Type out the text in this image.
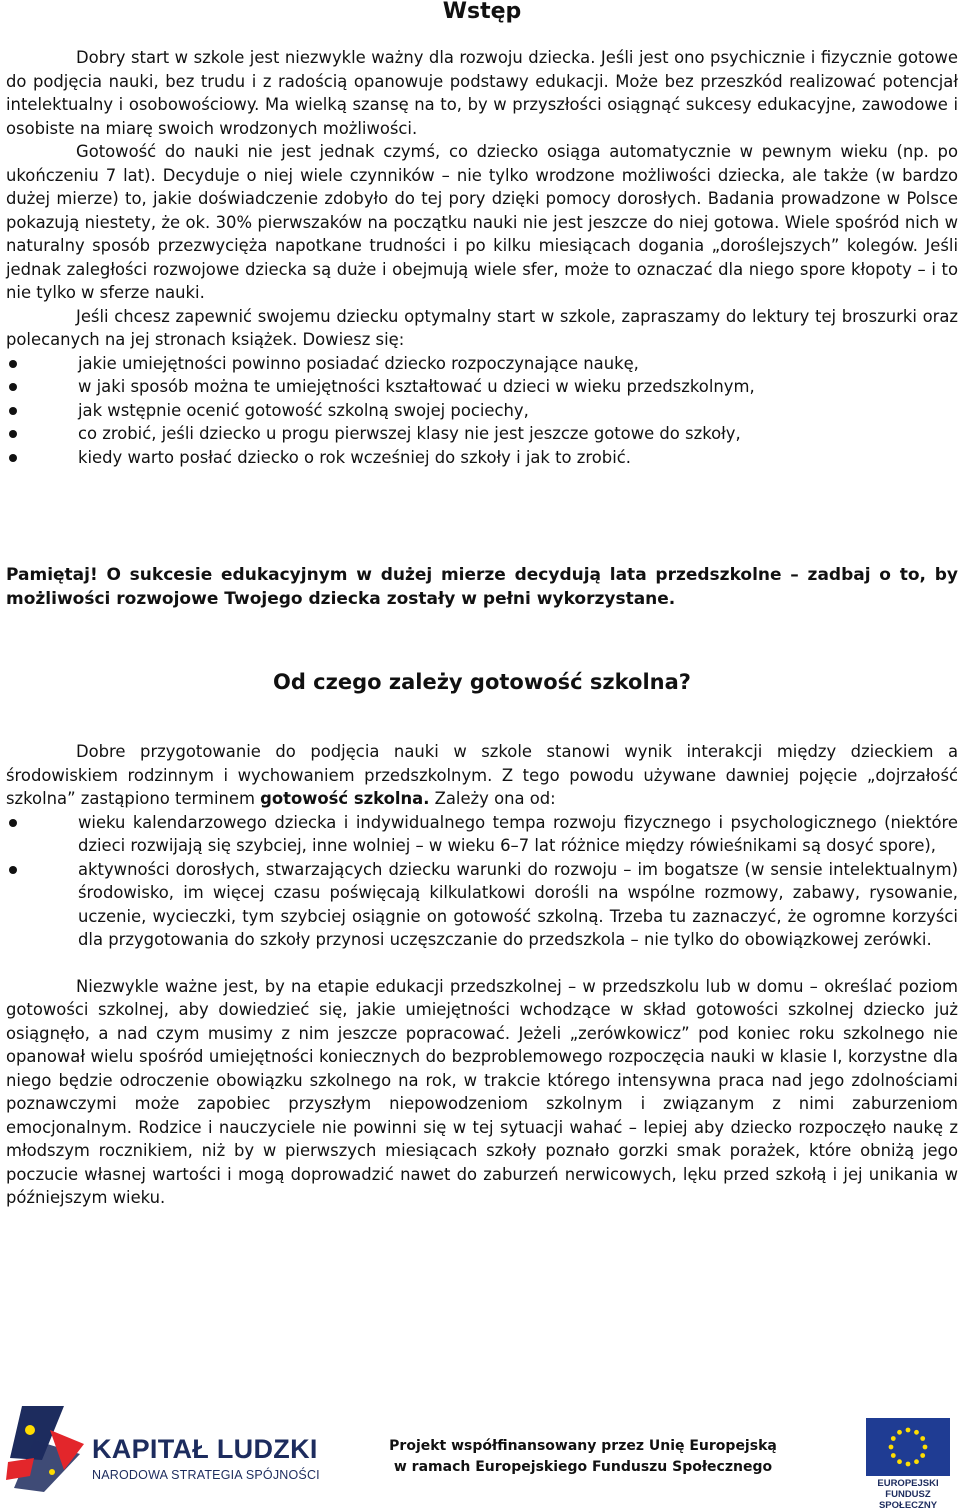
Wstęp

Dobry start w szkole jest niezwykle ważny dla rozwoju dziecka. Jeśli jest ono psychicznie i fizycznie gotowe do podjęcia nauki, bez trudu i z radością opanowuje podstawy edukacji. Może bez przeszkód realizować potencjał intelektualny i osobowościowy. Ma wielką szansę na to, by w przyszłości osiągnąć sukcesy edukacyjne, zawodowe i osobiste na miarę swoich wrodzonych możliwości.

Gotowość do nauki nie jest jednak czymś, co dziecko osiąga automatycznie w pewnym wieku (np. po ukończeniu 7 lat). Decyduje o niej wiele czynników – nie tylko wrodzone możliwości dziecka, ale także (w bardzo dużej mierze) to, jakie doświadczenie zdobyło do tej pory dzięki pomocy dorosłych. Badania prowadzone w Polsce pokazują niestety, że ok. 30% pierwszaków na początku nauki nie jest jeszcze do niej gotowa. Wiele spośród nich w naturalny sposób przezwycięża napotkane trudności i po kilku miesiącach dogania „doroślejszych” kolegów. Jeśli jednak zaległości rozwojowe dziecka są duże i obejmują wiele sfer, może to oznaczać dla niego spore kłopoty – i to nie tylko w sferze nauki.

Jeśli chcesz zapewnić swojemu dziecku optymalny start w szkole, zapraszamy do lektury tej broszurki oraz polecanych na jej stronach książek. Dowiesz się:

jakie umiejętności powinno posiadać dziecko rozpoczynające naukę,
w jaki sposób można te umiejętności kształtować u dzieci w wieku przedszkolnym,
jak wstępnie ocenić gotowość szkolną swojej pociechy,
co zrobić, jeśli dziecko u progu pierwszej klasy nie jest jeszcze gotowe do szkoły,
kiedy warto posłać dziecko o rok wcześniej do szkoły i jak to zrobić.

Pamiętaj! O sukcesie edukacyjnym w dużej mierze decydują lata przedszkolne – zadbaj o to, by możliwości rozwojowe Twojego dziecka zostały w pełni wykorzystane.

Od czego zależy gotowość szkolna?

Dobre przygotowanie do podjęcia nauki w szkole stanowi wynik interakcji między dzieckiem a środowiskiem rodzinnym i wychowaniem przedszkolnym. Z tego powodu używane dawniej pojęcie „dojrzałość szkolna” zastąpiono terminem gotowość szkolna. Zależy ona od:

wieku kalendarzowego dziecka i indywidualnego tempa rozwoju fizycznego i psychologicznego (niektóre dzieci rozwijają się szybciej, inne wolniej – w wieku 6–7 lat różnice między rówieśnikami są dosyć spore),
aktywności dorosłych, stwarzających dziecku warunki do rozwoju – im bogatsze (w sensie intelektualnym) środowisko, im więcej czasu poświęcają kilkulatkowi dorośli na wspólne rozmowy, zabawy, rysowanie, uczenie, wycieczki, tym szybciej osiągnie on gotowość szkolną. Trzeba tu zaznaczyć, że ogromne korzyści dla przygotowania do szkoły przynosi uczęszczanie do przedszkola – nie tylko do obowiązkowej zerówki.

Niezwykle ważne jest, by na etapie edukacji przedszkolnej – w przedszkolu lub w domu – określać poziom gotowości szkolnej, aby dowiedzieć się, jakie umiejętności wchodzące w skład gotowości szkolnej dziecko już osiągnęło, a nad czym musimy z nim jeszcze popracować. Jeżeli „zerówkowicz” pod koniec roku szkolnego nie opanował wielu spośród umiejętności koniecznych do bezproblemowego rozpoczęcia nauki w klasie I, korzystne dla niego będzie odroczenie obowiązku szkolnego na rok, w trakcie którego intensywna praca nad jego zdolnościami poznawczymi może zapobiec przyszłym niepowodzeniom szkolnym i związanym z nimi zaburzeniom emocjonalnym. Rodzice i nauczyciele nie powinni się w tej sytuacji wahać – lepiej aby dziecko rozpoczęło naukę z młodszym rocznikiem, niż by w pierwszych miesiącach szkoły poznało gorzki smak porażek, które obniżą jego poczucie własnej wartości i mogą doprowadzić nawet do zaburzeń nerwicowych, lęku przed szkołą i jej unikania w późniejszym wieku.

KAPITAŁ LUDZKI
NARODOWA STRATEGIA SPÓJNOŚCI
Projekt współfinansowany przez Unię Europejską
w ramach Europejskiego Funduszu Społecznego
EUROPEJSKI FUNDUSZ
SPOŁECZNY
